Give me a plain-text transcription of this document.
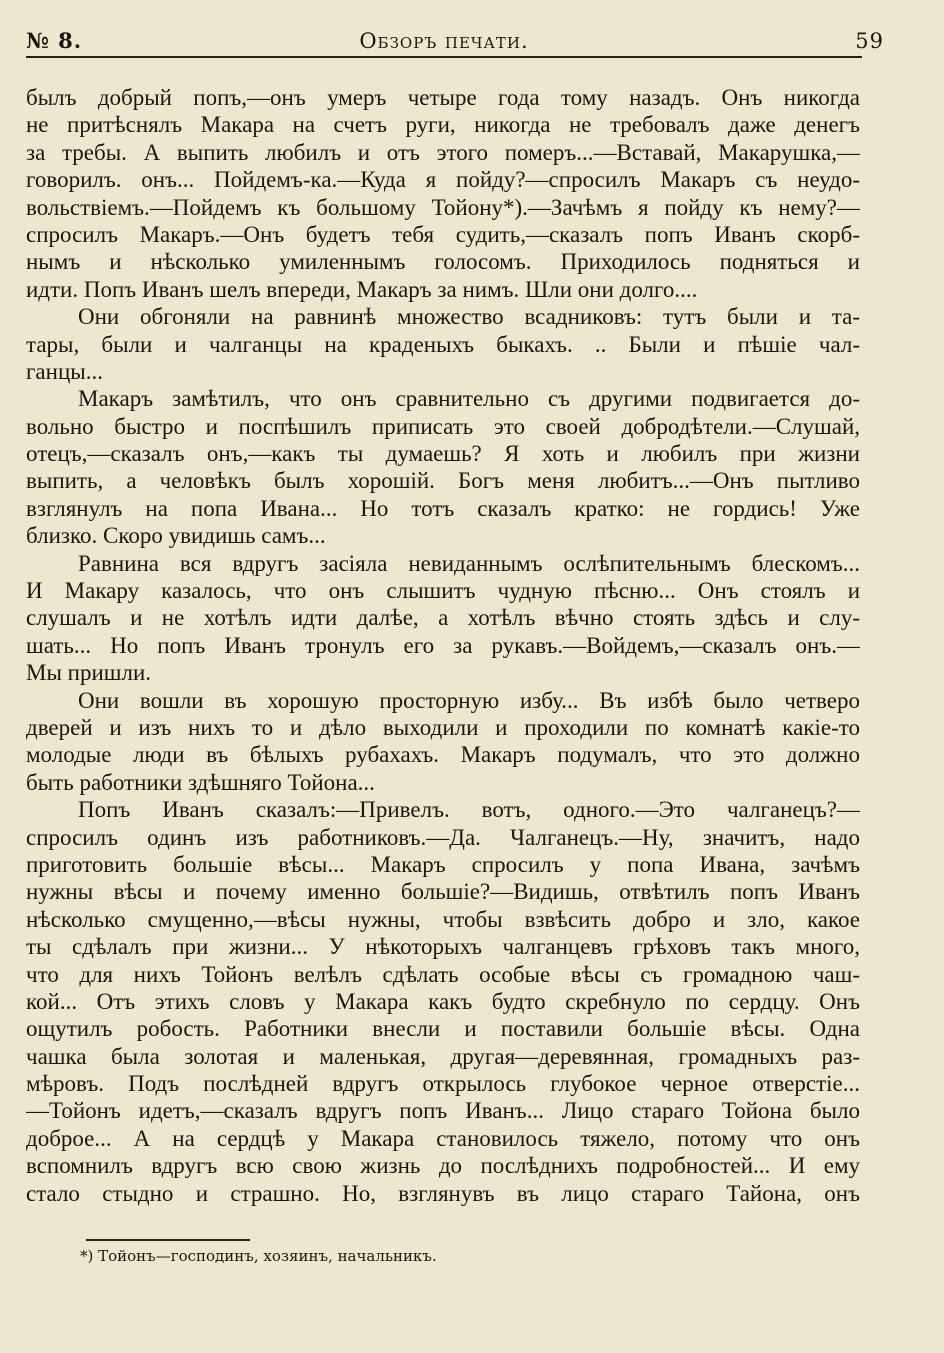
№ 8.	Обзоръ печати.	59
былъ добрый попъ,—онъ умеръ четыре года тому назадъ. Онъ никогда
не притѣснялъ Макара на счетъ руги, никогда не требовалъ даже денегъ
за требы. А выпить любилъ и отъ этого померъ...—Вставай, Макарушка,—
говорилъ. онъ... Пойдемъ-ка.—Куда я пойду?—спросилъ Макаръ съ неудо-
вольствіемъ.—Пойдемъ къ большому Тойону*).—Зачѣмъ я пойду къ нему?—
спросилъ Макаръ.—Онъ будетъ тебя судить,—сказалъ попъ Иванъ скорб-
нымъ и нѣсколько умиленнымъ голосомъ. Приходилось подняться и
идти. Попъ Иванъ шелъ впереди, Макаръ за нимъ. Шли они долго....
Они обгоняли на равнинѣ множество всадниковъ: тутъ были и та-
тары, были и чалганцы на краденыхъ быкахъ. .. Были и пѣшіе чал-
ганцы...
Макаръ замѣтилъ, что онъ сравнительно съ другими подвигается до-
вольно быстро и поспѣшилъ приписать это своей добродѣтели.—Слушай,
отецъ,—сказалъ онъ,—какъ ты думаешь? Я хоть и любилъ при жизни
выпить, а человѣкъ былъ хорошій. Богъ меня любитъ...—Онъ пытливо
взглянулъ на попа Ивана... Но тотъ сказалъ кратко: не гордись! Уже
близко. Скоро увидишь самъ...
Равнина вся вдругъ засіяла невиданнымъ ослѣпительнымъ блескомъ...
И Макару казалось, что онъ слышитъ чудную пѣсню... Онъ стоялъ и
слушалъ и не хотѣлъ идти далѣе, а хотѣлъ вѣчно стоять здѣсь и слу-
шать... Но попъ Иванъ тронулъ его за рукавъ.—Войдемъ,—сказалъ онъ.—
Мы пришли.
Они вошли въ хорошую просторную избу... Въ избѣ было четверо
дверей и изъ нихъ то и дѣло выходили и проходили по комнатѣ какіе-то
молодые люди въ бѣлыхъ рубахахъ. Макаръ подумалъ, что это должно
быть работники здѣшняго Тойона...
Попъ Иванъ сказалъ:—Привелъ. вотъ, одного.—Это чалганецъ?—
спросилъ одинъ изъ работниковъ.—Да. Чалганецъ.—Ну, значитъ, надо
приготовить большіе вѣсы... Макаръ спросилъ у попа Ивана, зачѣмъ
нужны вѣсы и почему именно большіе?—Видишь, отвѣтилъ попъ Иванъ
нѣсколько смущенно,—вѣсы нужны, чтобы взвѣсить добро и зло, какое
ты сдѣлалъ при жизни... У нѣкоторыхъ чалганцевъ грѣховъ такъ много,
что для нихъ Тойонъ велѣлъ сдѣлать особые вѣсы съ громадною чаш-
кой... Отъ этихъ словъ у Макара какъ будто скребнуло по сердцу. Онъ
ощутилъ робость. Работники внесли и поставили большіе вѣсы. Одна
чашка была золотая и маленькая, другая—деревянная, громадныхъ раз-
мѣровъ. Подъ послѣдней вдругъ открылось глубокое черное отверстіе...
—Тойонъ идетъ,—сказалъ вдругъ попъ Иванъ... Лицо стараго Тойона было
доброе... А на сердцѣ у Макара становилось тяжело, потому что онъ
вспомнилъ вдругъ всю свою жизнь до послѣднихъ подробностей... И ему
стало стыдно и страшно. Но, взглянувъ въ лицо стараго Тайона, онъ
*) Тойонъ—господинъ, хозяинъ, начальникъ.
